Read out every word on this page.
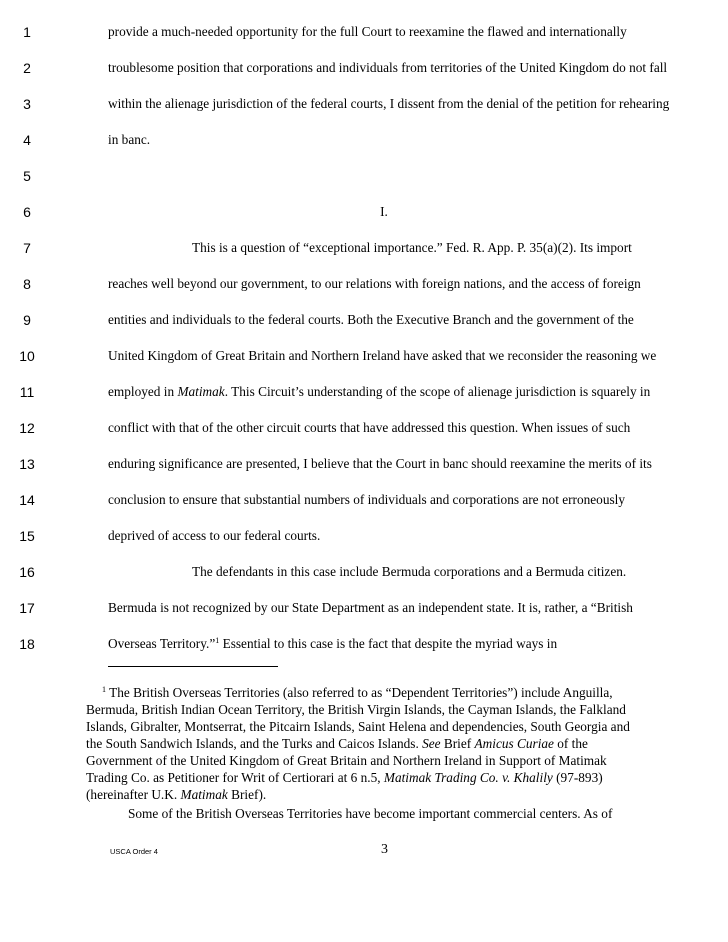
1	provide a much-needed opportunity for the full Court to reexamine the flawed and internationally
2	troublesome position that corporations and individuals from territories of the United Kingdom do not fall
3	within the alienage jurisdiction of the federal courts, I dissent from the denial of the petition for rehearing
4	in banc.
5
6	I.
7	This is a question of “exceptional importance.” Fed. R. App. P. 35(a)(2). Its import
8	reaches well beyond our government, to our relations with foreign nations, and the access of foreign
9	entities and individuals to the federal courts. Both the Executive Branch and the government of the
10	United Kingdom of Great Britain and Northern Ireland have asked that we reconsider the reasoning we
11	employed in Matimak. This Circuit’s understanding of the scope of alienage jurisdiction is squarely in
12	conflict with that of the other circuit courts that have addressed this question. When issues of such
13	enduring significance are presented, I believe that the Court in banc should reexamine the merits of its
14	conclusion to ensure that substantial numbers of individuals and corporations are not erroneously
15	deprived of access to our federal courts.
16	The defendants in this case include Bermuda corporations and a Bermuda citizen.
17	Bermuda is not recognized by our State Department as an independent state. It is, rather, a “British
18	Overseas Territory.”$^1$ Essential to this case is the fact that despite the myriad ways in
$^1$ The British Overseas Territories (also referred to as “Dependent Territories”) include Anguilla,
Bermuda, British Indian Ocean Territory, the British Virgin Islands, the Cayman Islands, the Falkland
Islands, Gibralter, Montserrat, the Pitcairn Islands, Saint Helena and dependencies, South Georgia and
the South Sandwich Islands, and the Turks and Caicos Islands. See Brief Amicus Curiae of the
Government of the United Kingdom of Great Britain and Northern Ireland in Support of Matimak
Trading Co. as Petitioner for Writ of Certiorari at 6 n.5, Matimak Trading Co. v. Khalily (97-893)
(hereinafter U.K. Matimak Brief).
Some of the British Overseas Territories have become important commercial centers. As of
USCA Order 4	3
